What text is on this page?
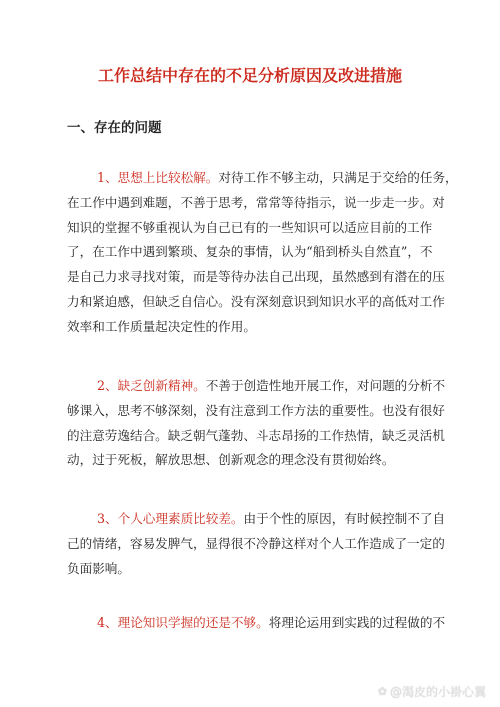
工作总结中存在的不足分析原因及改进措施
一、存在的问题
1、思想上比较松解。对待工作不够主动，只满足于交给的任务，
在工作中遇到难题，不善于思考，常常等待指示，说一步走一步。对
知识的堂握不够重视认为自己已有的一些知识可以适应目前的工作
了，在工作中遇到繁琐、复杂的事情，认为“船到桥头自然直”，不
是自己力求寻找对策，而是等待办法自己出现，虽然感到有潜在的压
力和紧迫感，但缺乏自信心。没有深刻意识到知识水平的高低对工作
效率和工作质量起决定性的作用。
2、缺乏创新精神。不善于创造性地开展工作，对问题的分析不
够课入，思考不够深刻，没有注意到工作方法的重要性。也没有很好
的注意劳逸结合。缺乏朝气蓬勃、斗志昂扬的工作热情，缺乏灵活机
动，过于死板，解放思想、创新观念的理念没有贯彻始终。
3、个人心理素质比较差。由于个性的原因，有时候控制不了自
己的情绪，容易发脾气，显得很不冷静这样对个人工作造成了一定的
负面影响。
4、理论知识学握的还是不够。将理论运用到实践的过程做的不
✿ @渴皮的小褂心翼
